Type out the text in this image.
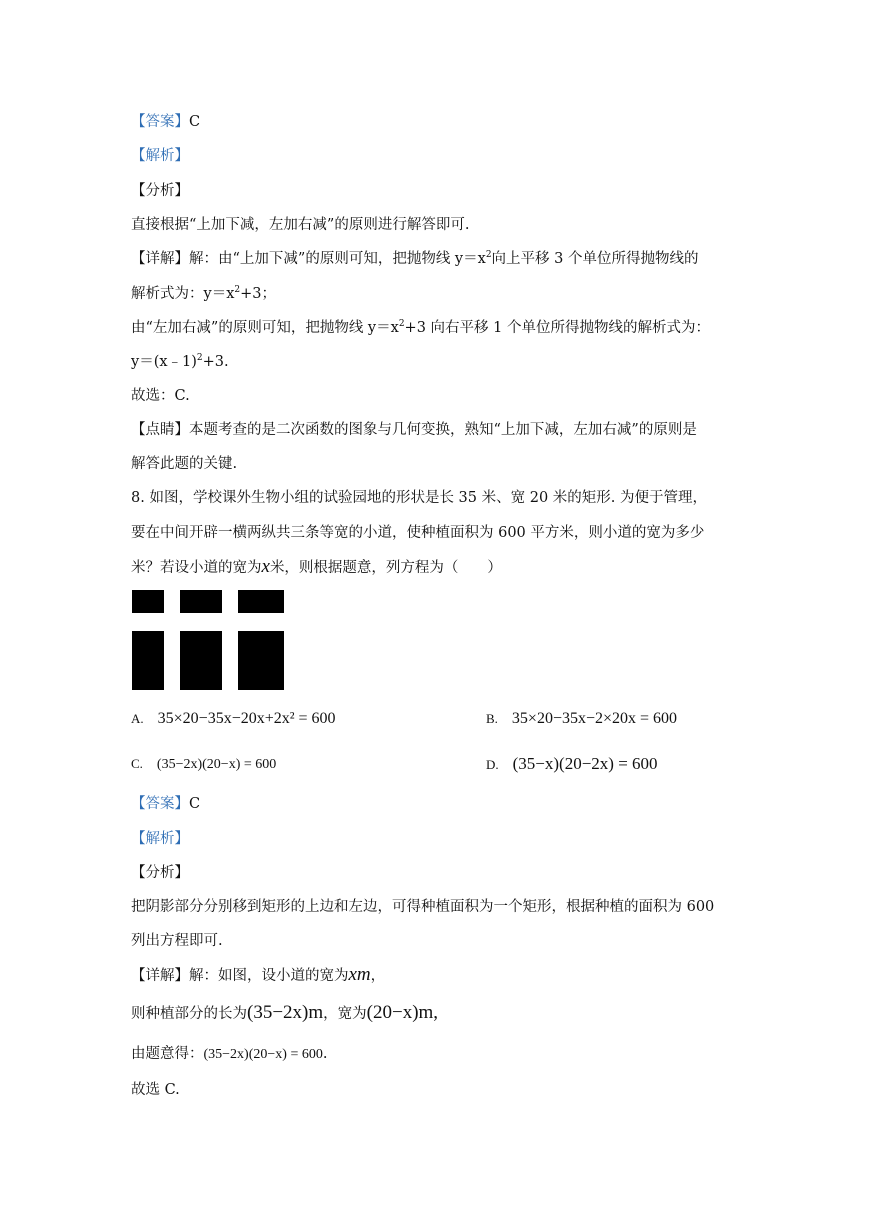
【答案】C
【解析】
【分析】
直接根据“上加下减，左加右减”的原则进行解答即可.
【详解】解：由“上加下减”的原则可知，把抛物线 $y=x^2$向上平移 3 个单位所得抛物线的
解析式为：$y=x^2+3$；
由“左加右减”的原则可知，把抛物线 $y=x^2+3$ 向右平移 1 个单位所得抛物线的解析式为：
y＝(x﹣1)$^2$+3.
故选：C.
【点睛】本题考查的是二次函数的图象与几何变换，熟知“上加下减，左加右减”的原则是
解答此题的关键.
8. 如图，学校课外生物小组的试验园地的形状是长 35 米、宽 20 米的矩形. 为便于管理，
要在中间开辟一横两纵共三条等宽的小道，使种植面积为 600 平方米，则小道的宽为多少
米？若设小道的宽为x米，则根据题意，列方程为（　　）
A. 35×20−35x−20x+2x² = 600	B. 35×20−35x−2×20x = 600
C. (35−2x)(20−x) = 600	D. (35−x)(20−2x) = 600
【答案】C
【解析】
【分析】
把阴影部分分别移到矩形的上边和左边，可得种植面积为一个矩形，根据种植的面积为 600
列出方程即可.
【详解】解：如图，设小道的宽为xm，
则种植部分的长为(35−2x)m，宽为(20−x)m,
由题意得：(35−2x)(20−x) = 600.
故选 C.
